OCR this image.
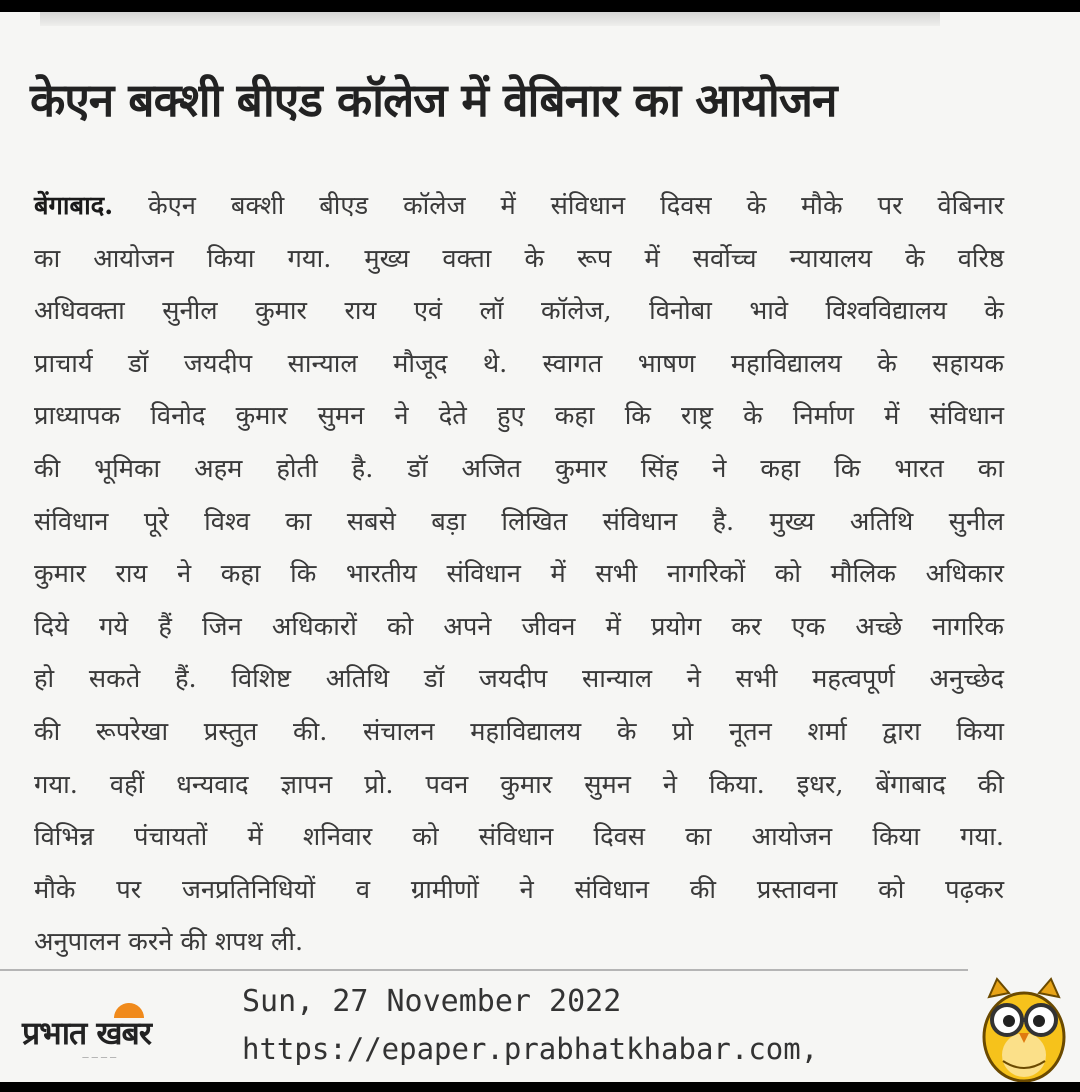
केएन बक्शी बीएड कॉलेज में वेबिनार का आयोजन
बेंगाबाद. केएन बक्शी बीएड कॉलेज में संविधान दिवस के मौके पर वेबिनार
का आयोजन किया गया. मुख्य वक्ता के रूप में सर्वोच्च न्यायालय के वरिष्ठ
अधिवक्ता सुनील कुमार राय एवं लॉ कॉलेज, विनोबा भावे विश्वविद्यालय के
प्राचार्य डॉ जयदीप सान्याल मौजूद थे. स्वागत भाषण महाविद्यालय के सहायक
प्राध्यापक विनोद कुमार सुमन ने देते हुए कहा कि राष्ट्र के निर्माण में संविधान
की भूमिका अहम होती है. डॉ अजित कुमार सिंह ने कहा कि भारत का
संविधान पूरे विश्व का सबसे बड़ा लिखित संविधान है. मुख्य अतिथि सुनील
कुमार राय ने कहा कि भारतीय संविधान में सभी नागरिकों को मौलिक अधिकार
दिये गये हैं जिन अधिकारों को अपने जीवन में प्रयोग कर एक अच्छे नागरिक
हो सकते हैं. विशिष्ट अतिथि डॉ जयदीप सान्याल ने सभी महत्वपूर्ण अनुच्छेद
की रूपरेखा प्रस्तुत की. संचालन महाविद्यालय के प्रो नूतन शर्मा द्वारा किया
गया. वहीं धन्यवाद ज्ञापन प्रो. पवन कुमार सुमन ने किया. इधर, बेंगाबाद की
विभिन्न पंचायतों में शनिवार को संविधान दिवस का आयोजन किया गया.
मौके पर जनप्रतिनिधियों व ग्रामीणों ने संविधान की प्रस्तावना को पढ़कर
अनुपालन करने की शपथ ली.
प्रभात खबर
— — — —
Sun, 27 November 2022
https://epaper.prabhatkhabar.com,
